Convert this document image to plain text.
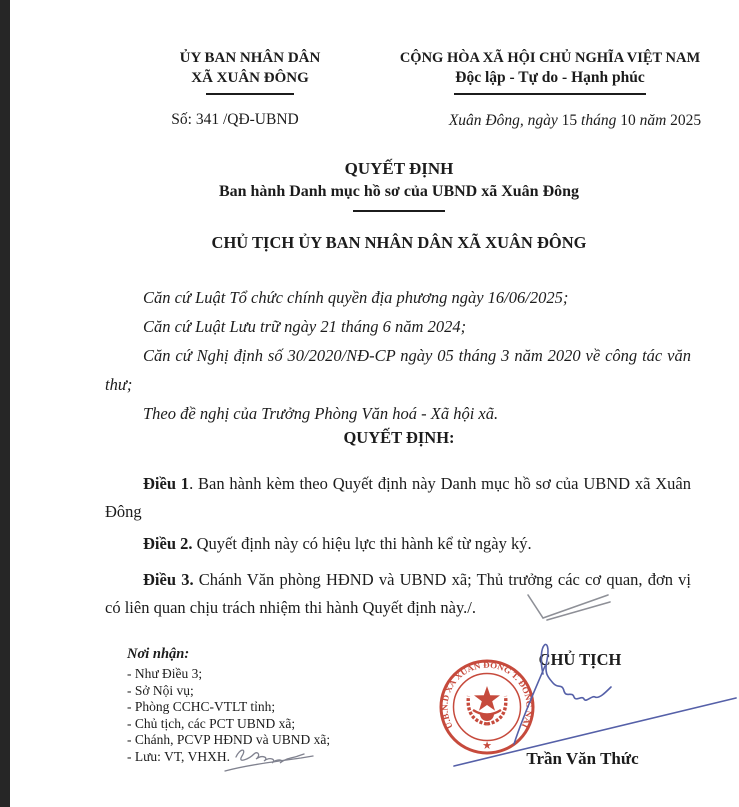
ỦY BAN NHÂN DÂN
XÃ XUÂN ĐÔNG
Số: 341 /QĐ-UBND
CỘNG HÒA XÃ HỘI CHỦ NGHĨA VIỆT NAM
Độc lập - Tự do - Hạnh phúc
Xuân Đông, ngày 15 tháng 10 năm 2025
QUYẾT ĐỊNH
Ban hành Danh mục hồ sơ của UBND xã Xuân Đông
CHỦ TỊCH ỦY BAN NHÂN DÂN XÃ XUÂN ĐÔNG

Căn cứ Luật Tổ chức chính quyền địa phương ngày 16/06/2025;

Căn cứ Luật Lưu trữ ngày 21 tháng 6 năm 2024;

Căn cứ Nghị định số 30/2020/NĐ-CP ngày 05 tháng 3 năm 2020 về công tác văn thư;

Theo đề nghị của Trưởng Phòng Văn hoá - Xã hội xã.

QUYẾT ĐỊNH:

Điều 1. Ban hành kèm theo Quyết định này Danh mục hồ sơ của UBND xã Xuân Đông

Điều 2. Quyết định này có hiệu lực thi hành kể từ ngày ký.

Điều 3. Chánh Văn phòng HĐND và UBND xã; Thủ trưởng các cơ quan, đơn vị có liên quan chịu trách nhiệm thi hành Quyết định này./.

Nơi nhận:

- Như Điều 3;
- Sở Nội vụ;
- Phòng CCHC-VTLT tỉnh;
- Chủ tịch, các PCT UBND xã;
- Chánh, PCVP HĐND và UBND xã;
- Lưu: VT, VHXH.
CHỦ TỊCH
U.B.N.D XÃ XUÂN ĐÔNG T. ĐỒNG NAI
★
Trần Văn Thức
